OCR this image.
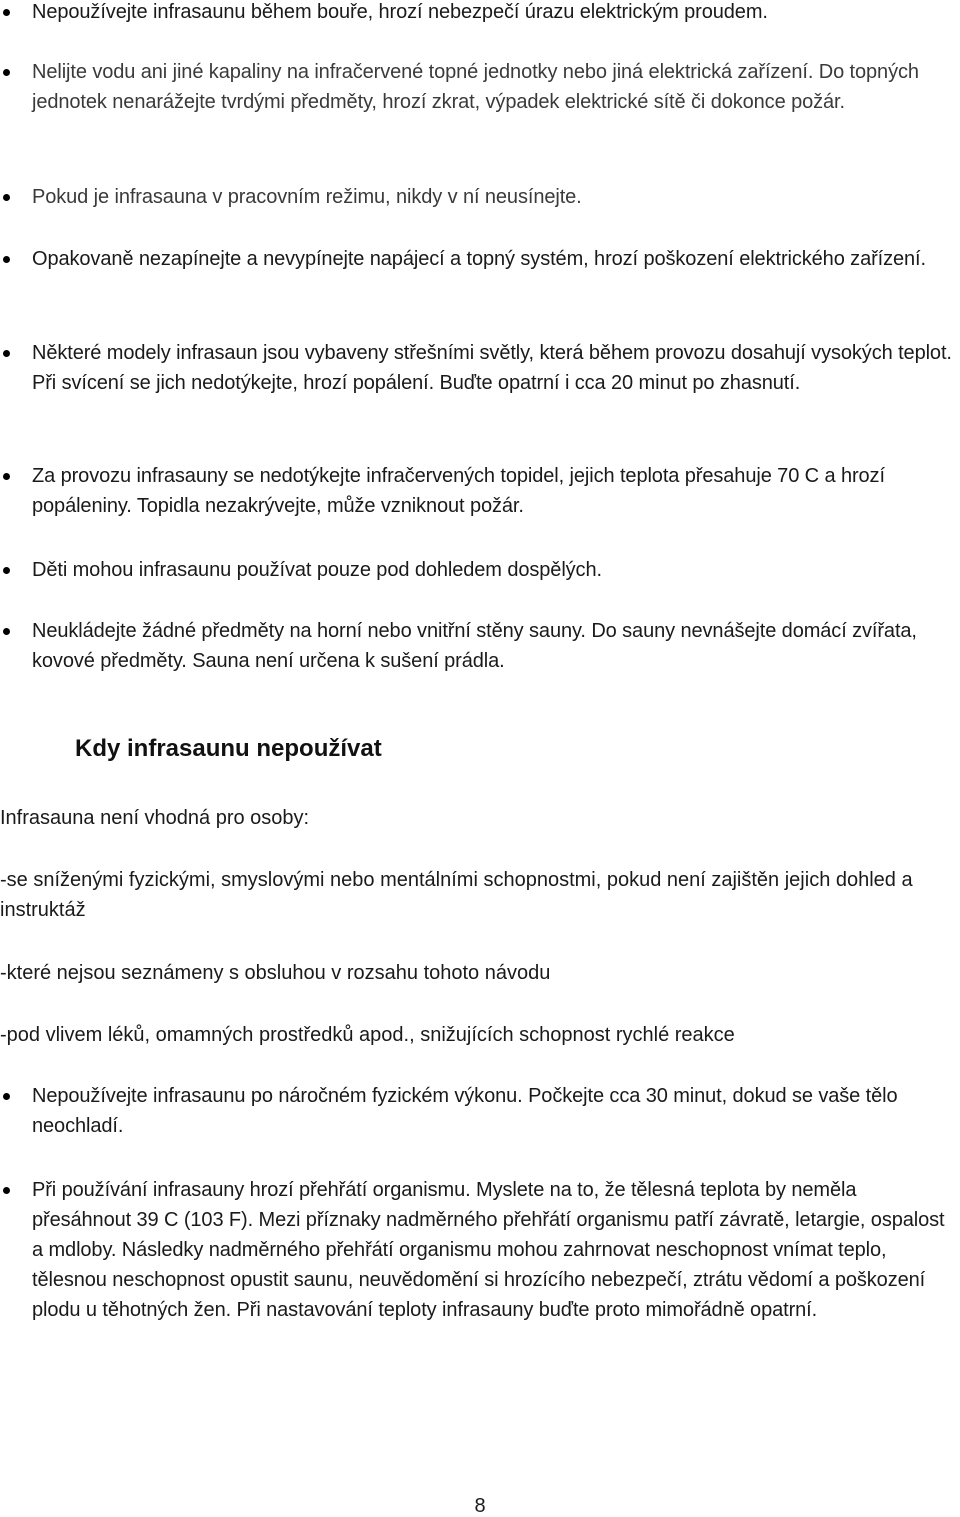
Nepoužívejte infrasaunu během bouře, hrozí nebezpečí úrazu elektrickým proudem.

Nelijte vodu ani jiné kapaliny na infračervené topné jednotky nebo jiná elektrická zařízení. Do topných jednotek nenarážejte tvrdými předměty, hrozí zkrat, výpadek elektrické sítě či dokonce požár.

Pokud je infrasauna v pracovním režimu, nikdy v ní neusínejte.

Opakovaně nezapínejte a nevypínejte napájecí a topný systém, hrozí poškození elektrického zařízení.

Některé modely infrasaun jsou vybaveny střešními světly, která během provozu dosahují vysokých teplot. Při svícení se jich nedotýkejte, hrozí popálení. Buďte opatrní i cca 20 minut po zhasnutí.

Za provozu infrasauny se nedotýkejte infračervených topidel, jejich teplota přesahuje 70 C a hrozí popáleniny. Topidla nezakrývejte, může vzniknout požár.

Děti mohou infrasaunu používat pouze pod dohledem dospělých.

Neukládejte žádné předměty na horní nebo vnitřní stěny sauny. Do sauny nevnášejte domácí zvířata, kovové předměty. Sauna není určena k sušení prádla.

Kdy infrasaunu nepoužívat

Infrasauna není vhodná pro osoby:

-se sníženými fyzickými, smyslovými nebo mentálními schopnostmi, pokud není zajištěn jejich dohled a instruktáž

-které nejsou seznámeny s obsluhou v rozsahu tohoto návodu

-pod vlivem léků, omamných prostředků apod., snižujících schopnost rychlé reakce

Nepoužívejte infrasaunu po náročném fyzickém výkonu. Počkejte cca 30 minut, dokud se vaše tělo neochladí.

Při používání infrasauny hrozí přehřátí organismu. Myslete na to, že tělesná teplota by neměla přesáhnout 39 C (103 F). Mezi příznaky nadměrného přehřátí organismu patří závratě, letargie, ospalost a mdloby. Následky nadměrného přehřátí organismu mohou zahrnovat neschopnost vnímat teplo, tělesnou neschopnost opustit saunu, neuvědomění si hrozícího nebezpečí, ztrátu vědomí a poškození plodu u těhotných žen. Při nastavování teploty infrasauny buďte proto mimořádně opatrní.

8
